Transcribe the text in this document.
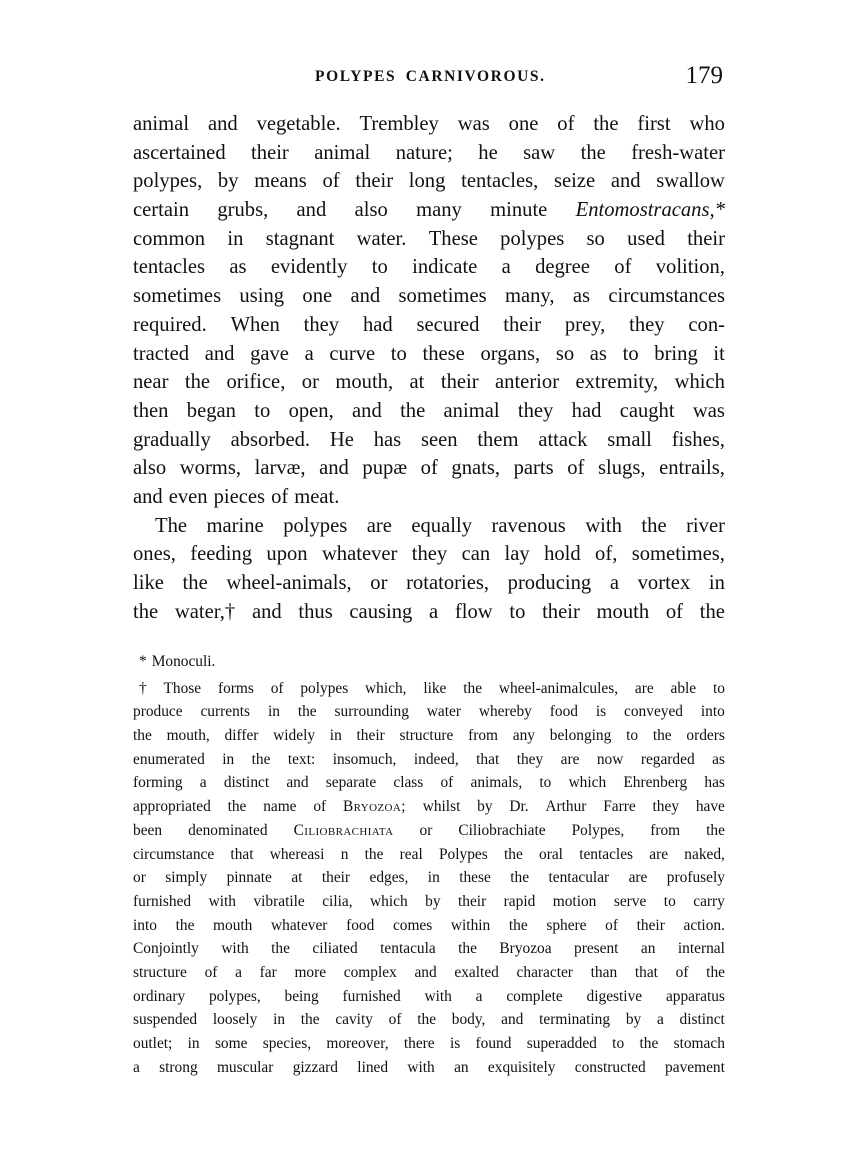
POLYPES CARNIVOROUS.	179
animal and vegetable. Trembley was one of the first who
ascertained their animal nature; he saw the fresh-water
polypes, by means of their long tentacles, seize and swallow
certain grubs, and also many minute Entomostracans,*
common in stagnant water. These polypes so used their
tentacles as evidently to indicate a degree of volition,
sometimes using one and sometimes many, as circumstances
required. When they had secured their prey, they con-
tracted and gave a curve to these organs, so as to bring it
near the orifice, or mouth, at their anterior extremity, which
then began to open, and the animal they had caught was
gradually absorbed. He has seen them attack small fishes,
also worms, larvæ, and pupæ of gnats, parts of slugs, entrails,
and even pieces of meat.
The marine polypes are equally ravenous with the river
ones, feeding upon whatever they can lay hold of, sometimes,
like the wheel-animals, or rotatories, producing a vortex in
the water,† and thus causing a flow to their mouth of the
* Monoculi.
† Those forms of polypes which, like the wheel-animalcules, are able to
produce currents in the surrounding water whereby food is conveyed into
the mouth, differ widely in their structure from any belonging to the orders
enumerated in the text: insomuch, indeed, that they are now regarded as
forming a distinct and separate class of animals, to which Ehrenberg has
appropriated the name of Bryozoa; whilst by Dr. Arthur Farre they have
been denominated Ciliobrachiata or Ciliobrachiate Polypes, from the
circumstance that whereasi n the real Polypes the oral tentacles are naked,
or simply pinnate at their edges, in these the tentacular are profusely
furnished with vibratile cilia, which by their rapid motion serve to carry
into the mouth whatever food comes within the sphere of their action.
Conjointly with the ciliated tentacula the Bryozoa present an internal
structure of a far more complex and exalted character than that of the
ordinary polypes, being furnished with a complete digestive apparatus
suspended loosely in the cavity of the body, and terminating by a distinct
outlet; in some species, moreover, there is found superadded to the stomach
a strong muscular gizzard lined with an exquisitely constructed pavement
